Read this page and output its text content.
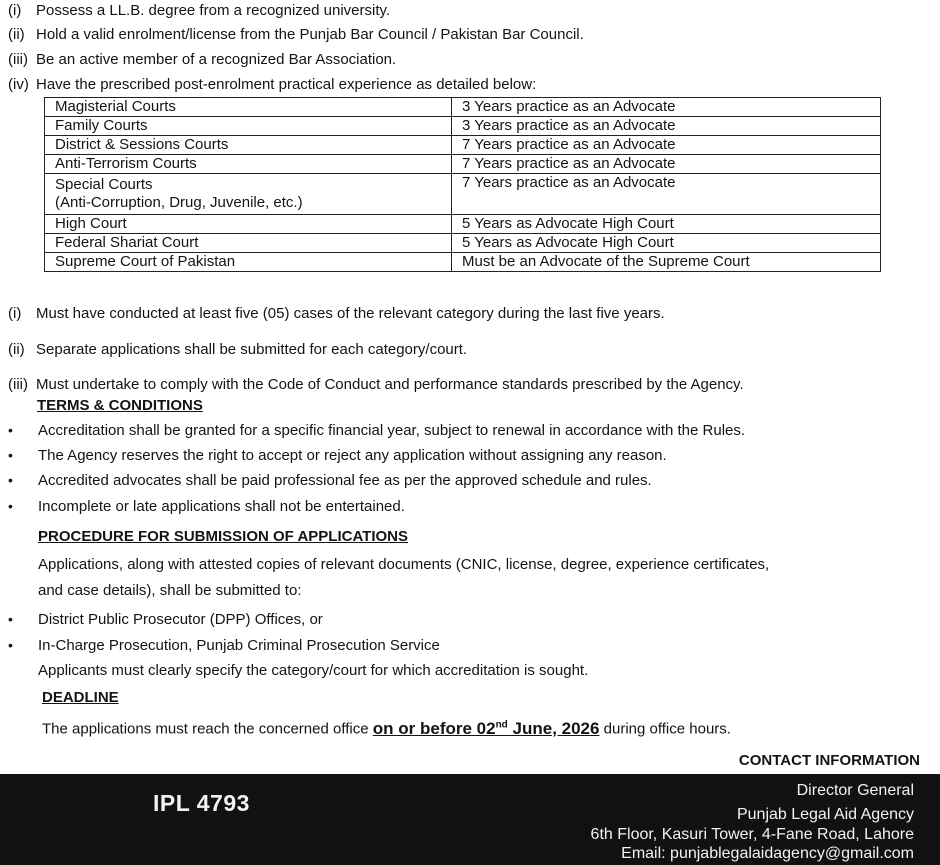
(i) Possess a LL.B. degree from a recognized university.
(ii) Hold a valid enrolment/license from the Punjab Bar Council / Pakistan Bar Council.
(iii) Be an active member of a recognized Bar Association.
(iv) Have the prescribed post-enrolment practical experience as detailed below:
Magisterial Courts	3 Years practice as an Advocate
Family Courts	3 Years practice as an Advocate
District & Sessions Courts	7 Years practice as an Advocate
Anti-Terrorism Courts	7 Years practice as an Advocate

Special Courts
(Anti-Corruption, Drug, Juvenile, etc.)	7 Years practice as an Advocate
High Court	5 Years as Advocate High Court
Federal Shariat Court	5 Years as Advocate High Court
Supreme Court of Pakistan	Must be an Advocate of the Supreme Court
(i) Must have conducted at least five (05) cases of the relevant category during the last five years.
(ii) Separate applications shall be submitted for each category/court.
(iii) Must undertake to comply with the Code of Conduct and performance standards prescribed by the Agency.
TERMS & CONDITIONS
• Accreditation shall be granted for a specific financial year, subject to renewal in accordance with the Rules.
• The Agency reserves the right to accept or reject any application without assigning any reason.
• Accredited advocates shall be paid professional fee as per the approved schedule and rules.
• Incomplete or late applications shall not be entertained.
PROCEDURE FOR SUBMISSION OF APPLICATIONS
Applications, along with attested copies of relevant documents (CNIC, license, degree, experience certificates,
and case details), shall be submitted to:
• District Public Prosecutor (DPP) Offices, or
• In-Charge Prosecution, Punjab Criminal Prosecution Service
Applicants must clearly specify the category/court for which accreditation is sought.
DEADLINE
The applications must reach the concerned office on or before 02nd June, 2026 during office hours.
CONTACT INFORMATION
IPL 4793	Director General
Punjab Legal Aid Agency
6th Floor, Kasuri Tower, 4-Fane Road, Lahore
Email: punjablegalaidagency@gmail.com
